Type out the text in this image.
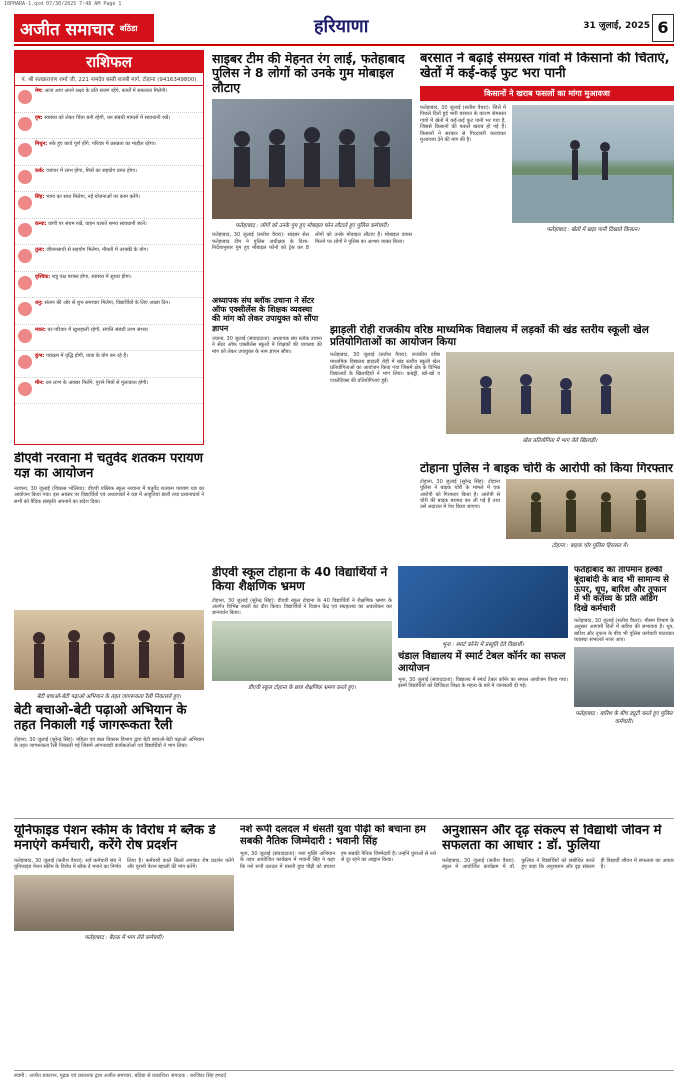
10PHARA-1.qxd 07/30/2025 7:48 AM Page 1
अजीत समाचार बठिंडा	हरियाणा	31 जुलाई, 2025 6
राशिफल
पं. श्री सतन्नारायण शर्मा जी, 221 नामदेव बस्ती शास्त्री मार्ग, टोहाना (9416349800)
मेष: आज आप अपने लक्ष्य के प्रति सजग रहेंगे, कार्यों में सफलता मिलेगी।
वृष: स्वास्थ्य को लेकर चिंता बनी रहेगी, धन संबंधी मामलों में सावधानी रखें।
मिथुन: रुके हुए कार्य पूर्ण होंगे, परिवार में प्रसन्नता का माहौल रहेगा।
कर्क: व्यापार में लाभ होगा, मित्रों का सहयोग प्राप्त होगा।
सिंह: भाग्य का साथ मिलेगा, नई योजनाओं पर काम करेंगे।
कन्या: वाणी पर संयम रखें, वाहन चलाते समय सावधानी बरतें।
तुला: जीवनसाथी से सहयोग मिलेगा, नौकरी में तरक्की के योग।
वृश्चिक: शत्रु पक्ष परास्त होगा, स्वास्थ्य में सुधार होगा।
धनु: संतान की ओर से शुभ समाचार मिलेगा, विद्यार्थियों के लिए अच्छा दिन।
मकर: घर-परिवार में खुशहाली रहेगी, संपत्ति संबंधी लाभ संभव।
कुंभ: पराक्रम में वृद्धि होगी, यात्रा के योग बन रहे हैं।
मीन: धन लाभ के अवसर मिलेंगे, पुराने मित्रों से मुलाकात होगी।
डीएवी नरवाना में चतुर्वेद शतकम परायण यज्ञ का आयोजन
नरवाना, 30 जुलाई (विकास भोलिया): डीएवी पब्लिक स्कूल नरवाना में चतुर्वेद शतकम परायण यज्ञ का आयोजन किया गया। इस अवसर पर विद्यार्थियों एवं अध्यापकों ने यज्ञ में आहुतियां डालीं तथा प्रधानाचार्य ने सभी को वैदिक संस्कृति अपनाने का संदेश दिया।
साइबर टीम की मेहनत रंग लाई, फतेहाबाद पुलिस ने 8 लोगों को उनके गुम मोबाइल लौटाए
फतेहाबाद : लोगों को उनके गुम हुए मोबाइल फोन लौटाते हुए पुलिस कर्मचारी।
फतेहाबाद, 30 जुलाई (सतीश वैयरा): साइबर सेल फतेहाबाद टीम ने पुलिस अधीक्षक के दिशा-निर्देशानुसार गुम हुए मोबाइल फोनों को ट्रेस कर 8 लोगों को उनके मोबाइल लौटाए हैं। मोबाइल वापस मिलने पर लोगों ने पुलिस का आभार व्यक्त किया।
बरसात ने बढ़ाई सेमग्रस्त गांवों में किसानों की चिंताएं, खेतों में कई-कई फुट भरा पानी
किसानों ने खराब फसलों का मांगा मुआवजा
फतेहाबाद, 30 जुलाई (सतीश वैयरा): जिले में पिछले दिनों हुई भारी बरसात के कारण सेमग्रस्त गांवों में खेतों में कई-कई फुट पानी भर गया है, जिससे किसानों की फसलें खराब हो गई हैं। किसानों ने सरकार से गिरदावरी करवाकर मुआवजा देने की मांग की है।
फतेहाबाद : खेतों में खड़ा पानी दिखाते किसान।
अध्यापक संघ ब्लॉक उचाना ने सेंटर ऑफ एक्सीलेंस के शिक्षक व्यवस्था की मांग को लेकर उपायुक्त को सौंपा ज्ञापन
उचाना, 30 जुलाई (संवाददाता): अध्यापक संघ ब्लॉक उचाना ने सेंटर ऑफ एक्सीलेंस स्कूलों में शिक्षकों की व्यवस्था की मांग को लेकर उपायुक्त के नाम ज्ञापन सौंपा।
झाड़ली रोही राजकीय वरिष्ठ माध्यमिक विद्यालय में लड़कों की खंड स्तरीय स्कूली खेल प्रतियोगिताओं का आयोजन किया
फतेहाबाद, 30 जुलाई (सतीश वैयरा): राजकीय वरिष्ठ माध्यमिक विद्यालय झाड़ली रोही में खंड स्तरीय स्कूली खेल प्रतियोगिताओं का आयोजन किया गया जिसमें क्षेत्र के विभिन्न विद्यालयों के खिलाड़ियों ने भाग लिया। कबड्डी, खो-खो व एथलेटिक्स की प्रतियोगिताएं हुईं।
खेल प्रतियोगिता में भाग लेते खिलाड़ी।
टोहाना पुलिस ने बाइक चोरी के आरोपी को किया गिरफ्तार
टोहाना, 30 जुलाई (सुरेन्द्र सिंह): टोहाना पुलिस ने बाइक चोरी के मामले में एक आरोपी को गिरफ्तार किया है। आरोपी से चोरी की बाइक बरामद कर ली गई है तथा उसे अदालत में पेश किया जाएगा।
टोहाना : बाइक चोर पुलिस हिरासत में।
डीएवी स्कूल टोहाना के 40 विद्यार्थियों ने किया शैक्षणिक भ्रमण
टोहाना, 30 जुलाई (सुरेन्द्र सिंह): डीएवी स्कूल टोहाना के 40 विद्यार्थियों ने शैक्षणिक भ्रमण के अंतर्गत विभिन्न स्थलों का दौरा किया। विद्यार्थियों ने विज्ञान केंद्र एवं संग्रहालय का अवलोकन कर ज्ञानवर्धन किया।
डीएवी स्कूल टोहाना के छात्र शैक्षणिक भ्रमण करते हुए।
बेटी बचाओ-बेटी पढ़ाओ अभियान के तहत जागरूकता रैली निकालते हुए।
बेटी बचाओ-बेटी पढ़ाओ अभियान के तहत निकाली गई जागरूकता रैली
टोहाना, 30 जुलाई (सुरेन्द्र सिंह): महिला एवं बाल विकास विभाग द्वारा बेटी बचाओ-बेटी पढ़ाओ अभियान के तहत जागरूकता रैली निकाली गई जिसमें आंगनवाड़ी कार्यकर्ताओं एवं विद्यार्थियों ने भाग लिया।
भूना : स्मार्ट कॉर्नर में प्रस्तुति देते विद्यार्थी।
चंडाल विद्यालय में स्मार्ट टेबल कॉर्नर का सफल आयोजन
भूना, 30 जुलाई (संवाददाता): विद्यालय में स्मार्ट टेबल कॉर्नर का सफल आयोजन किया गया। इसमें विद्यार्थियों को डिजिटल शिक्षा के महत्व के बारे में जानकारी दी गई।
फतेहाबाद का तापमान हल्की बूंदाबांदी के बाद भी सामान्य से ऊपर, धूप, बारिश और तूफान में भी कर्तव्य के प्रति अडिग दिखे कर्मचारी
फतेहाबाद, 30 जुलाई (सतीश वैयरा): मौसम विभाग के अनुसार आगामी दिनों में बारिश की संभावना है। धूप, बारिश और तूफान के बीच भी पुलिस कर्मचारी यातायात व्यवस्था संभालते नजर आए।
फतेहाबाद : बारिश के बीच ड्यूटी करते हुए पुलिस कर्मचारी।
यूनिफाइड पेंशन स्कीम के विरोध में ब्लैक डे मनाएंगे कर्मचारी, करेंगे रोष प्रदर्शन
फतेहाबाद, 30 जुलाई (सतीश वैयरा): सर्व कर्मचारी संघ ने यूनिफाइड पेंशन स्कीम के विरोध में ब्लैक डे मनाने का निर्णय लिया है। कर्मचारी काले बिल्ले लगाकर रोष प्रदर्शन करेंगे और पुरानी पेंशन बहाली की मांग करेंगे।
फतेहाबाद : बैठक में भाग लेते कर्मचारी।
नशे रूपी दलदल में धंसती युवा पीढ़ी को बचाना हम सबकी नैतिक जिम्मेदारी : भवानी सिंह
भूना, 30 जुलाई (संवाददाता): नशा मुक्ति अभियान के तहत आयोजित कार्यक्रम में भवानी सिंह ने कहा कि नशे रूपी दलदल में धंसती युवा पीढ़ी को बचाना हम सबकी नैतिक जिम्मेदारी है। उन्होंने युवाओं से नशे से दूर रहने का आह्वान किया।
अनुशासन और दृढ़ संकल्प से विद्यार्थी जीवन में सफलता का आधार : डॉ. फुलिया
फतेहाबाद, 30 जुलाई (सतीश वैयरा): स्कूल में आयोजित कार्यक्रम में डॉ. फुलिया ने विद्यार्थियों को संबोधित करते हुए कहा कि अनुशासन और दृढ़ संकल्प ही विद्यार्थी जीवन में सफलता का आधार है।
स्वामी : अजीत प्रकाशन, मुद्रक एवं प्रकाशक द्वारा अजीत समाचार, बठिंडा से प्रकाशित। संपादक : बरजिंदर सिंह हमदर्द
